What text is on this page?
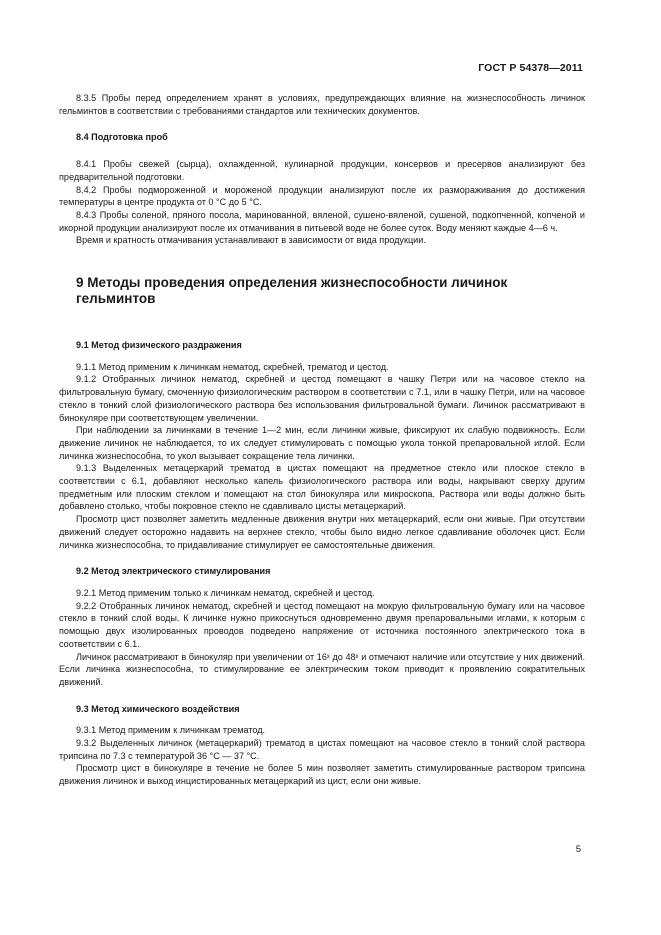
ГОСТ Р 54378—2011

8.3.5 Пробы перед определением хранят в условиях, предупреждающих влияние на жизнеспособность личинок гельминтов в соответствии с требованиями стандартов или технических документов.

8.4 Подготовка проб

8.4.1 Пробы свежей (сырца), охлажденной, кулинарной продукции, консервов и пресервов анализируют без предварительной подготовки.

8.4.2 Пробы подмороженной и мороженой продукции анализируют после их размораживания до достижения температуры в центре продукта от 0 °С до 5 °С.

8.4.3 Пробы соленой, пряного посола, маринованной, вяленой, сушено-вяленой, сушеной, подкопченной, копченой и икорной продукции анализируют после их отмачивания в питьевой воде не более суток. Воду меняют каждые 4—6 ч.

Время и кратность отмачивания устанавливают в зависимости от вида продукции.

9 Методы проведения определения жизнеспособности личинок гельминтов

9.1 Метод физического раздражения

9.1.1 Метод применим к личинкам нематод, скребней, трематод и цестод.

9.1.2 Отобранных личинок нематод, скребней и цестод помещают в чашку Петри или на часовое стекло на фильтровальную бумагу, смоченную физиологическим раствором в соответствии с 7.1, или в чашку Петри, или на часовое стекло в тонкий слой физиологического раствора без использования фильтровальной бумаги. Личинок рассматривают в бинокуляре при соответствующем увеличении.

При наблюдении за личинками в течение 1—2 мин, если личинки живые, фиксируют их слабую подвижность. Если движение личинок не наблюдается, то их следует стимулировать с помощью укола тонкой препаровальной иглой. Если личинка жизнеспособна, то укол вызывает сокращение тела личинки.

9.1.3 Выделенных метацеркарий трематод в цистах помещают на предметное стекло или плоское стекло в соответствии с 6.1, добавляют несколько капель физиологического раствора или воды, накрывают сверху другим предметным или плоским стеклом и помещают на стол бинокуляра или микроскопа. Раствора или воды должно быть добавлено столько, чтобы покровное стекло не сдавливало цисты метацеркарий.

Просмотр цист позволяет заметить медленные движения внутри них метацеркарий, если они живые. При отсутствии движений следует осторожно надавить на верхнее стекло, чтобы было видно легкое сдавливание оболочек цист. Если личинка жизнеспособна, то придавливание стимулирует ее самостоятельные движения.

9.2 Метод электрического стимулирования

9.2.1 Метод применим только к личинкам нематод, скребней и цестод.

9.2.2 Отобранных личинок нематод, скребней и цестод помещают на мокрую фильтровальную бумагу или на часовое стекло в тонкий слой воды. К личинке нужно прикоснуться одновременно двумя препаровальными иглами, к которым с помощью двух изолированных проводов подведено напряжение от источника постоянного электрического тока в соответствии с 6.1.

Личинок рассматривают в бинокуляр при увеличении от 16ˣ до 48ˣ и отмечают наличие или отсутствие у них движений. Если личинка жизнеспособна, то стимулирование ее электрическим током приводит к проявлению сократительных движений.

9.3 Метод химического воздействия

9.3.1 Метод применим к личинкам трематод.

9.3.2 Выделенных личинок (метацеркарий) трематод в цистах помещают на часовое стекло в тонкий слой раствора трипсина по 7.3 с температурой 36 °С — 37 °С.

Просмотр цист в бинокуляре в течение не более 5 мин позволяет заметить стимулированные раствором трипсина движения личинок и выход инцистированных метацеркарий из цист, если они живые.

5
